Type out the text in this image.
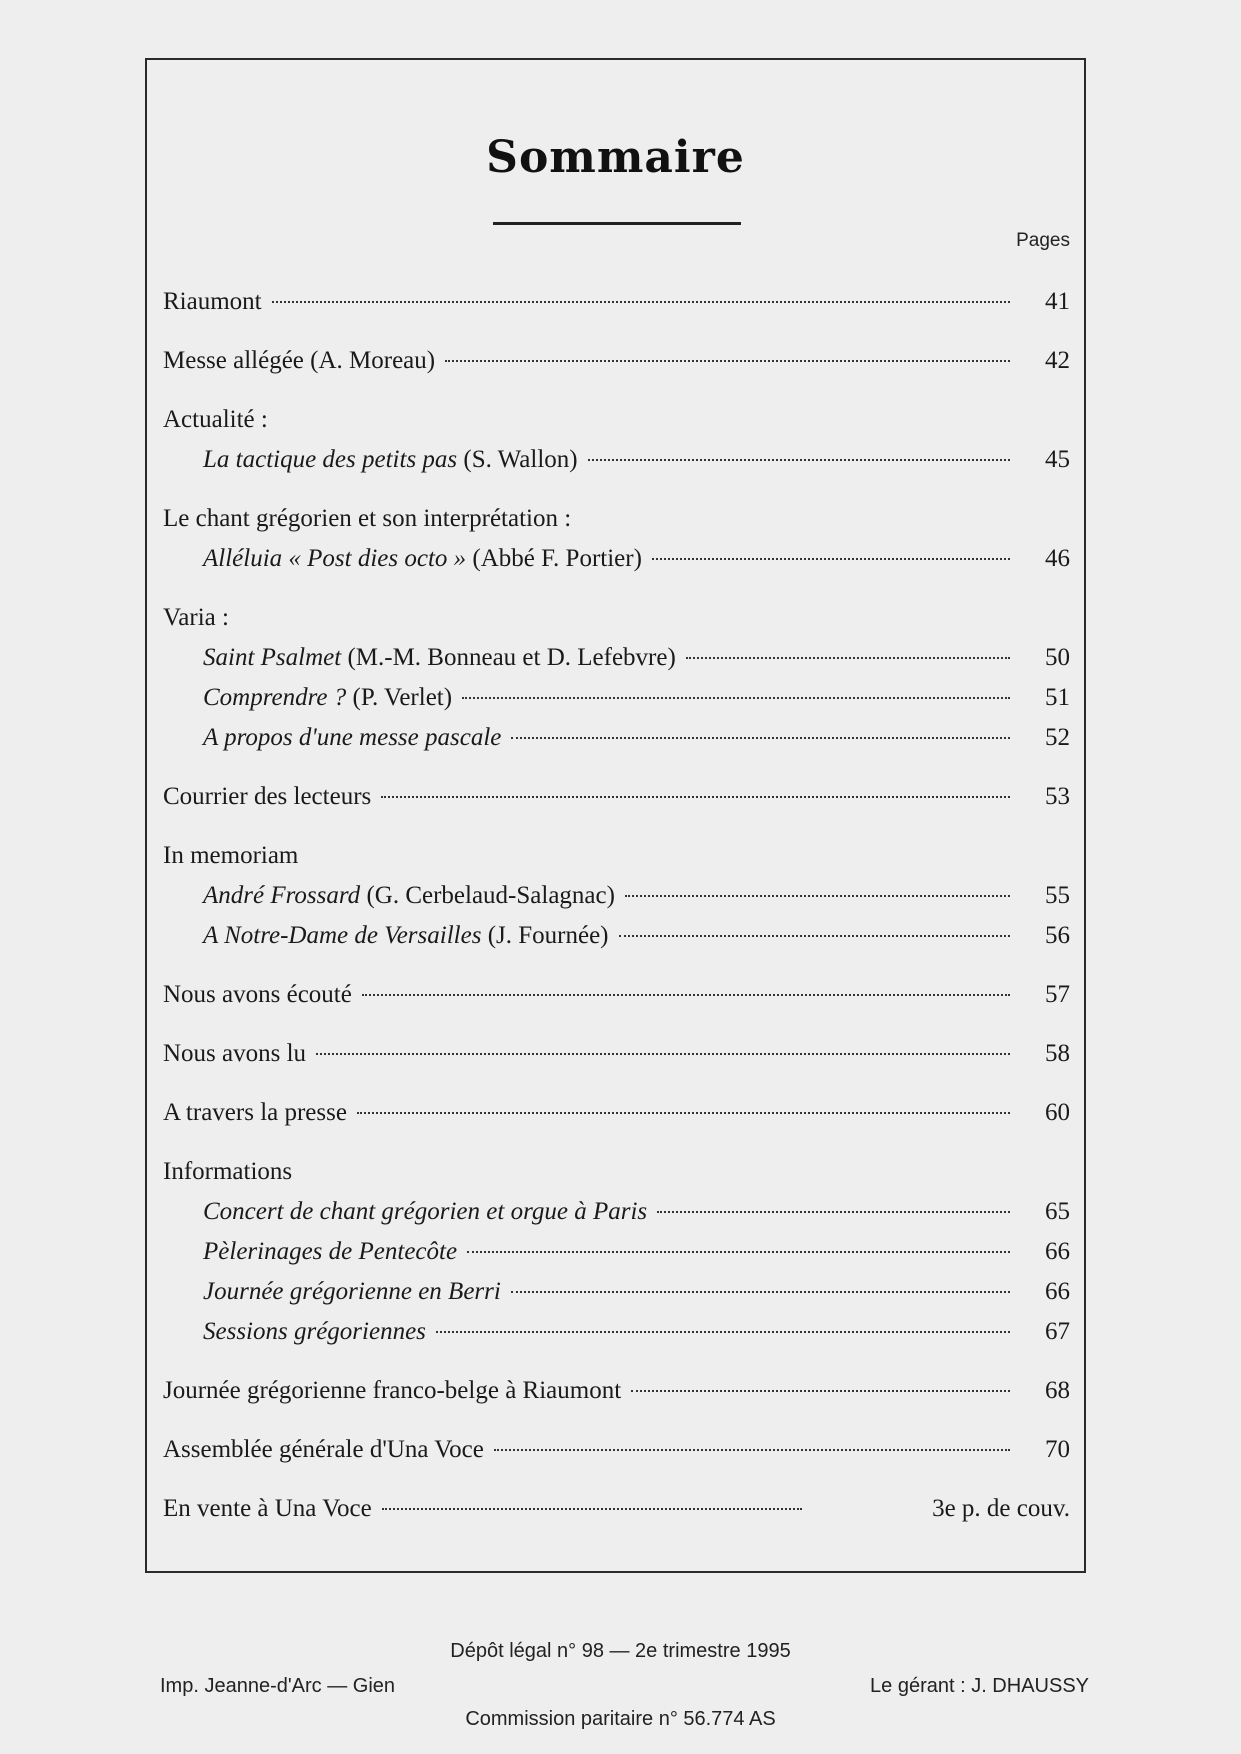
Sommaire
Pages
Riaumont	41
Messe allégée (A. Moreau)	42
Actualité :
La tactique des petits pas (S. Wallon)	45
Le chant grégorien et son interprétation :
Alléluia « Post dies octo » (Abbé F. Portier)	46
Varia :
Saint Psalmet (M.-M. Bonneau et D. Lefebvre)	50
Comprendre ? (P. Verlet)	51
A propos d'une messe pascale	52
Courrier des lecteurs	53
In memoriam
André Frossard (G. Cerbelaud-Salagnac)	55
A Notre-Dame de Versailles (J. Fournée)	56
Nous avons écouté	57
Nous avons lu	58
A travers la presse	60
Informations
Concert de chant grégorien et orgue à Paris	65
Pèlerinages de Pentecôte	66
Journée grégorienne en Berri	66
Sessions grégoriennes	67
Journée grégorienne franco-belge à Riaumont	68
Assemblée générale d'Una Voce	70
En vente à Una Voce	3e p. de couv.
Dépôt légal n° 98 — 2e trimestre 1995
Imp. Jeanne-d'Arc — Gien	Le gérant : J. DHAUSSY
Commission paritaire n° 56.774 AS
